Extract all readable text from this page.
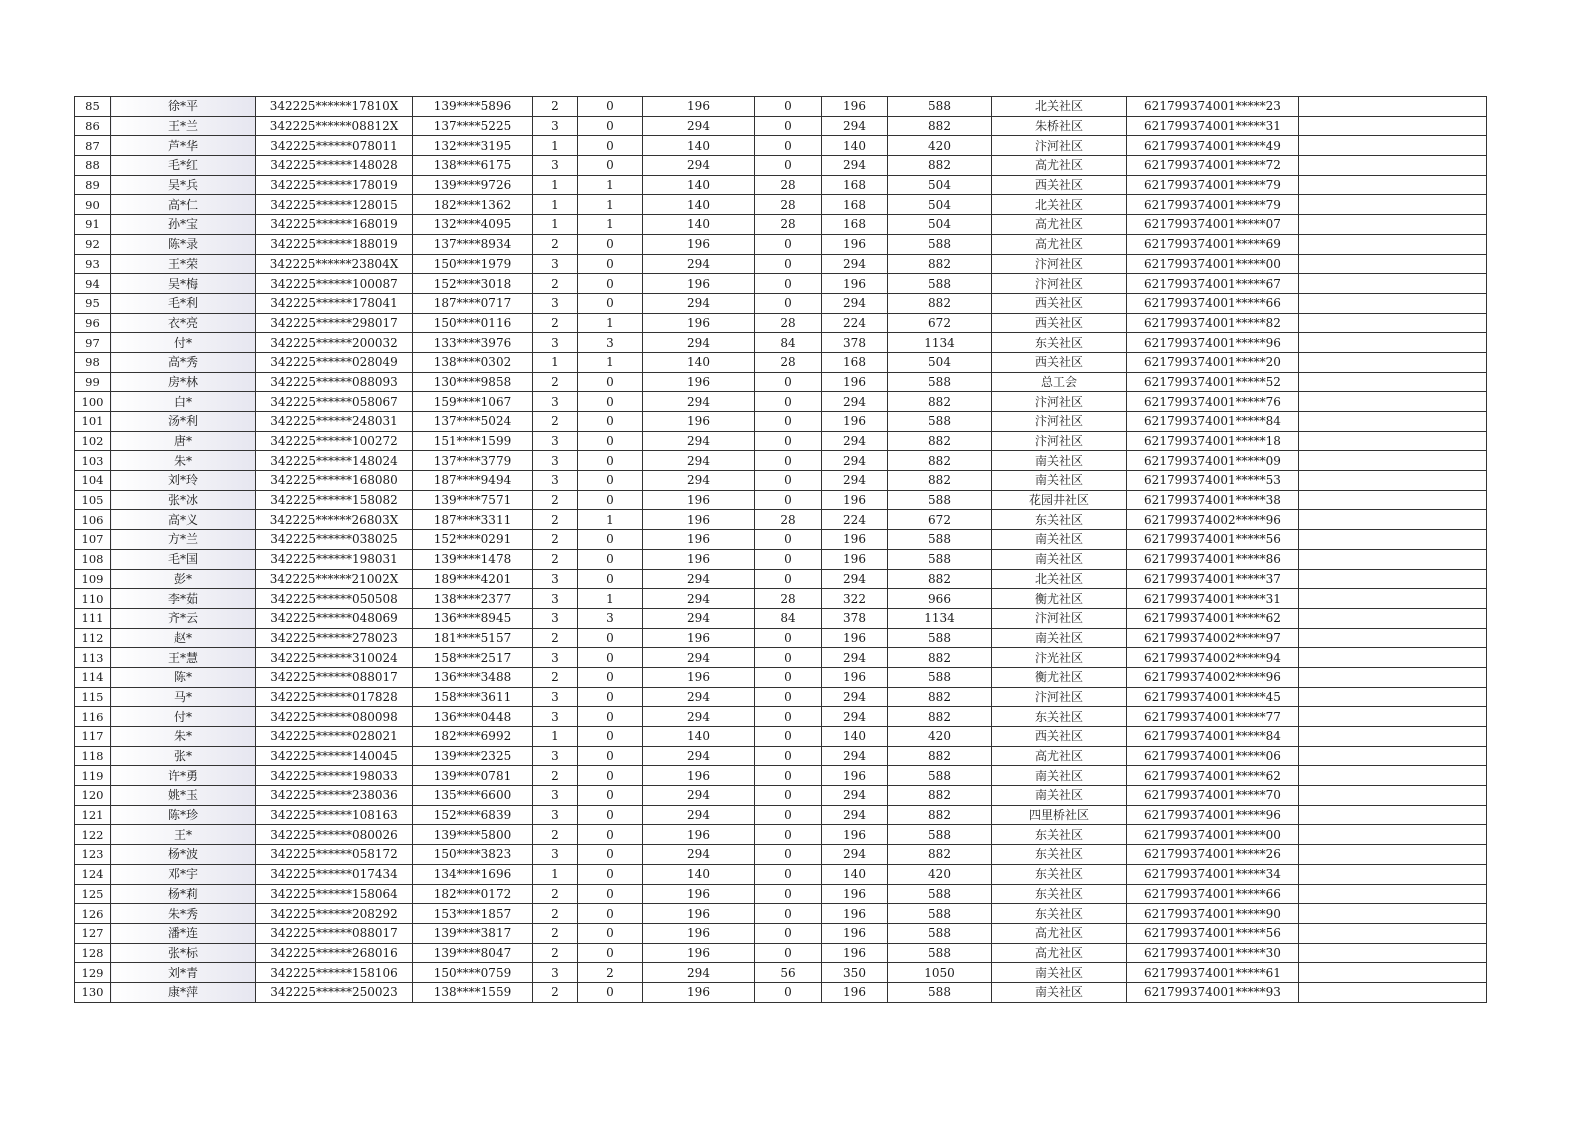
85	徐*平	342225******17810X	139****5896	2	0	196	0	196	588	北关社区	621799374001*****23	
86	王*兰	342225******08812X	137****5225	3	0	294	0	294	882	朱桥社区	621799374001*****31	
87	芦*华	342225******078011	132****3195	1	0	140	0	140	420	汴河社区	621799374001*****49	
88	毛*红	342225******148028	138****6175	3	0	294	0	294	882	高尤社区	621799374001*****72	
89	吴*兵	342225******178019	139****9726	1	1	140	28	168	504	西关社区	621799374001*****79	
90	高*仁	342225******128015	182****1362	1	1	140	28	168	504	北关社区	621799374001*****79	
91	孙*宝	342225******168019	132****4095	1	1	140	28	168	504	高尤社区	621799374001*****07	
92	陈*录	342225******188019	137****8934	2	0	196	0	196	588	高尤社区	621799374001*****69	
93	王*荣	342225******23804X	150****1979	3	0	294	0	294	882	汴河社区	621799374001*****00	
94	吴*梅	342225******100087	152****3018	2	0	196	0	196	588	汴河社区	621799374001*****67	
95	毛*利	342225******178041	187****0717	3	0	294	0	294	882	西关社区	621799374001*****66	
96	衣*亮	342225******298017	150****0116	2	1	196	28	224	672	西关社区	621799374001*****82	
97	付*	342225******200032	133****3976	3	3	294	84	378	1134	东关社区	621799374001*****96	
98	高*秀	342225******028049	138****0302	1	1	140	28	168	504	西关社区	621799374001*****20	
99	房*林	342225******088093	130****9858	2	0	196	0	196	588	总工会	621799374001*****52	
100	白*	342225******058067	159****1067	3	0	294	0	294	882	汴河社区	621799374001*****76	
101	汤*利	342225******248031	137****5024	2	0	196	0	196	588	汴河社区	621799374001*****84	
102	唐*	342225******100272	151****1599	3	0	294	0	294	882	汴河社区	621799374001*****18	
103	朱*	342225******148024	137****3779	3	0	294	0	294	882	南关社区	621799374001*****09	
104	刘*玲	342225******168080	187****9494	3	0	294	0	294	882	南关社区	621799374001*****53	
105	张*冰	342225******158082	139****7571	2	0	196	0	196	588	花园井社区	621799374001*****38	
106	高*义	342225******26803X	187****3311	2	1	196	28	224	672	东关社区	621799374002*****96	
107	方*兰	342225******038025	152****0291	2	0	196	0	196	588	南关社区	621799374001*****56	
108	毛*国	342225******198031	139****1478	2	0	196	0	196	588	南关社区	621799374001*****86	
109	彭*	342225******21002X	189****4201	3	0	294	0	294	882	北关社区	621799374001*****37	
110	李*茹	342225******050508	138****2377	3	1	294	28	322	966	衡尤社区	621799374001*****31	
111	齐*云	342225******048069	136****8945	3	3	294	84	378	1134	汴河社区	621799374001*****62	
112	赵*	342225******278023	181****5157	2	0	196	0	196	588	南关社区	621799374002*****97	
113	王*慧	342225******310024	158****2517	3	0	294	0	294	882	汴光社区	621799374002*****94	
114	陈*	342225******088017	136****3488	2	0	196	0	196	588	衡尤社区	621799374002*****96	
115	马*	342225******017828	158****3611	3	0	294	0	294	882	汴河社区	621799374001*****45	
116	付*	342225******080098	136****0448	3	0	294	0	294	882	东关社区	621799374001*****77	
117	朱*	342225******028021	182****6992	1	0	140	0	140	420	西关社区	621799374001*****84	
118	张*	342225******140045	139****2325	3	0	294	0	294	882	高尤社区	621799374001*****06	
119	许*勇	342225******198033	139****0781	2	0	196	0	196	588	南关社区	621799374001*****62	
120	姚*玉	342225******238036	135****6600	3	0	294	0	294	882	南关社区	621799374001*****70	
121	陈*珍	342225******108163	152****6839	3	0	294	0	294	882	四里桥社区	621799374001*****96	
122	王*	342225******080026	139****5800	2	0	196	0	196	588	东关社区	621799374001*****00	
123	杨*波	342225******058172	150****3823	3	0	294	0	294	882	东关社区	621799374001*****26	
124	邓*宇	342225******017434	134****1696	1	0	140	0	140	420	东关社区	621799374001*****34	
125	杨*莉	342225******158064	182****0172	2	0	196	0	196	588	东关社区	621799374001*****66	
126	朱*秀	342225******208292	153****1857	2	0	196	0	196	588	东关社区	621799374001*****90	
127	潘*连	342225******088017	139****3817	2	0	196	0	196	588	高尤社区	621799374001*****56	
128	张*标	342225******268016	139****8047	2	0	196	0	196	588	高尤社区	621799374001*****30	
129	刘*青	342225******158106	150****0759	3	2	294	56	350	1050	南关社区	621799374001*****61	
130	康*萍	342225******250023	138****1559	2	0	196	0	196	588	南关社区	621799374001*****93	
